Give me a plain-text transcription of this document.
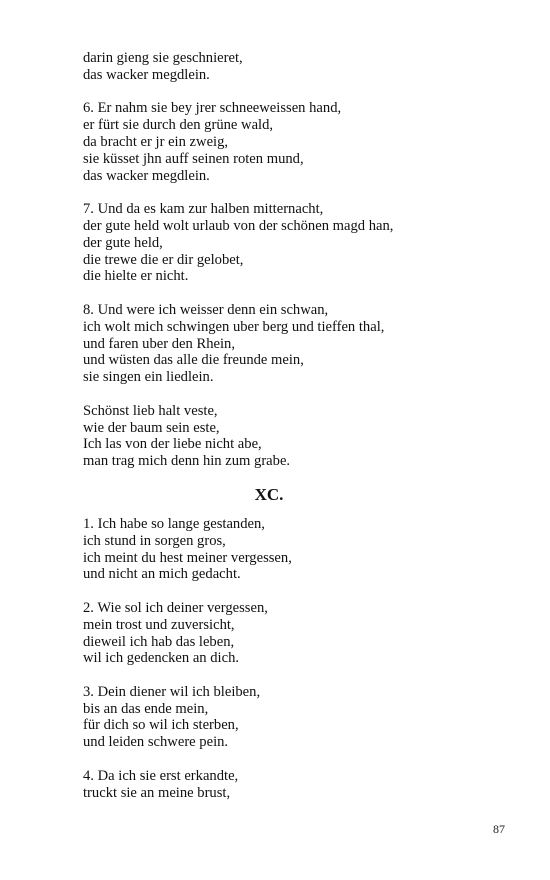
darin gieng sie geschnieret,
das wacker megdlein.
6. Er nahm sie bey jrer schneeweissen hand,
er fürt sie durch den grüne wald,
da bracht er jr ein zweig,
sie küsset jhn auff seinen roten mund,
das wacker megdlein.
7. Und da es kam zur halben mitternacht,
der gute held wolt urlaub von der schönen magd han,
der gute held,
die trewe die er dir gelobet,
die hielte er nicht.
8. Und were ich weisser denn ein schwan,
ich wolt mich schwingen uber berg und tieffen thal,
und faren uber den Rhein,
und wüsten das alle die freunde mein,
sie singen ein liedlein.
Schönst lieb halt veste,
wie der baum sein este,
Ich las von der liebe nicht abe,
man trag mich denn hin zum grabe.
XC.
1. Ich habe so lange gestanden,
ich stund in sorgen gros,
ich meint du hest meiner vergessen,
und nicht an mich gedacht.
2. Wie sol ich deiner vergessen,
mein trost und zuversicht,
dieweil ich hab das leben,
wil ich gedencken an dich.
3. Dein diener wil ich bleiben,
bis an das ende mein,
für dich so wil ich sterben,
und leiden schwere pein.
4. Da ich sie erst erkandte,
truckt sie an meine brust,
87
